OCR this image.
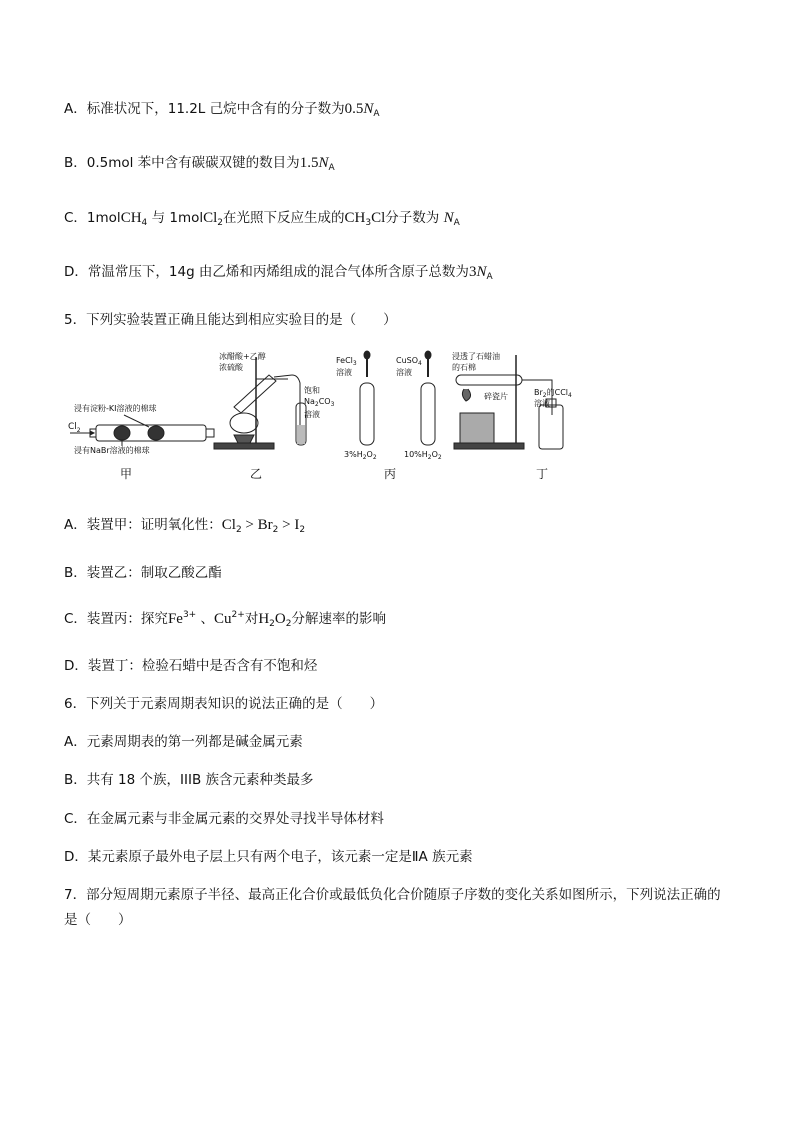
A．标准状况下，11.2L 己烷中含有的分子数为$0.5N_A$
B．0.5mol 苯中含有碳碳双键的数目为$1.5N_A$
C．1molCH$_4$ 与 1molCl$_2$在光照下反应生成的$CH_3Cl$分子数为 $N_A$
D．常温常压下，14g 由乙烯和丙烯组成的混合气体所含原子总数为$3N_A$
5．下列实验装置正确且能达到相应实验目的是（　　）
浸有淀粉-KI溶液的棉球
$Cl_2$
浸有NaBr溶液的棉球
冰醋酸+乙醇
浓硫酸
饱和
$Na_2CO_3$
溶液
FeCl$_3$
溶液
CuSO$_4$
溶液
$3\%H_2O_2$	$10\%H_2O_2$
浸透了石蜡油
的石棉
碎瓷片	$Br_2$的CCl$_4$
溶液
甲	乙	丙	丁
A．装置甲：证明氧化性：$Cl_2 > Br_2 > I_2$
B．装置乙：制取乙酸乙酯
C．装置丙：探究$Fe^{3+}$ 、$Cu^{2+}$对$H_2O_2$分解速率的影响
D．装置丁：检验石蜡中是否含有不饱和烃
6．下列关于元素周期表知识的说法正确的是（　　）
A．元素周期表的第一列都是碱金属元素
B．共有 18 个族，IIIB 族含元素种类最多
C．在金属元素与非金属元素的交界处寻找半导体材料
D．某元素原子最外电子层上只有两个电子，该元素一定是ⅡA 族元素
7．部分短周期元素原子半径、最高正化合价或最低负化合价随原子序数的变化关系如图所示，下列说法正确的是（　　）
